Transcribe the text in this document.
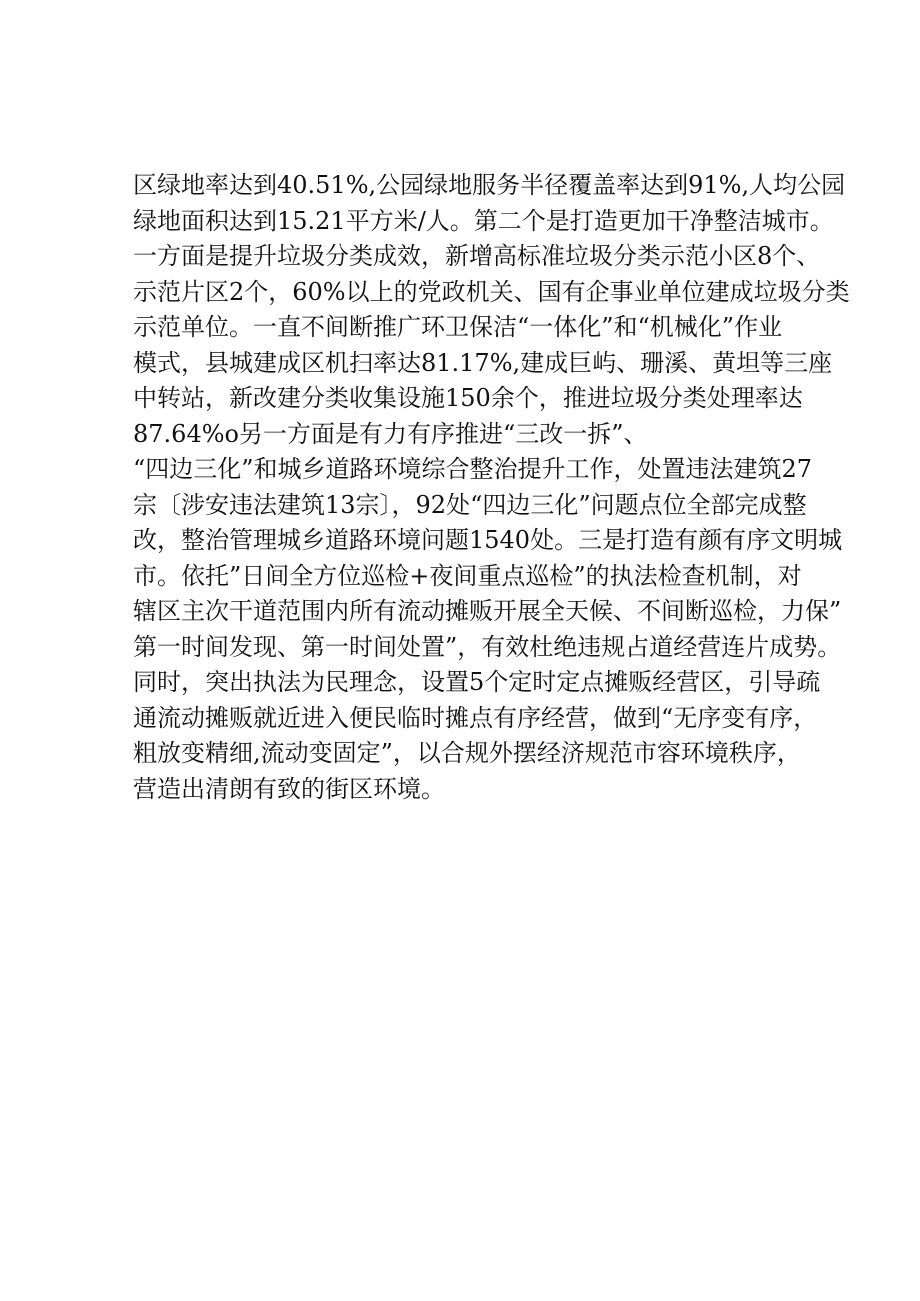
区绿地率达到40.51%,公园绿地服务半径覆盖率达到91%,人均公园
绿地面积达到15.21平方米/人。第二个是打造更加干净整洁城市。
一方面是提升垃圾分类成效，新增高标准垃圾分类示范小区8个、
示范片区2个，60%以上的党政机关、国有企事业单位建成垃圾分类
示范单位。一直不间断推广环卫保洁“一体化”和“机械化”作业
模式，县城建成区机扫率达81.17%,建成巨屿、珊溪、黄坦等三座
中转站，新改建分类收集设施150余个，推进垃圾分类处理率达
87.64%o另一方面是有力有序推进“三改一拆”、
“四边三化”和城乡道路环境综合整治提升工作，处置违法建筑27
宗〔涉安违法建筑13宗〕，92处“四边三化”问题点位全部完成整
改，整治管理城乡道路环境问题1540处。三是打造有颜有序文明城
市。依托”日间全方位巡检+夜间重点巡检”的执法检查机制，对
辖区主次干道范围内所有流动摊贩开展全天候、不间断巡检，力保”
第一时间发现、第一时间处置”，有效杜绝违规占道经营连片成势。
同时，突出执法为民理念，设置5个定时定点摊贩经营区，引导疏
通流动摊贩就近进入便民临时摊点有序经营，做到“无序变有序，
粗放变精细,流动变固定”，以合规外摆经济规范市容环境秩序，
营造出清朗有致的街区环境。
